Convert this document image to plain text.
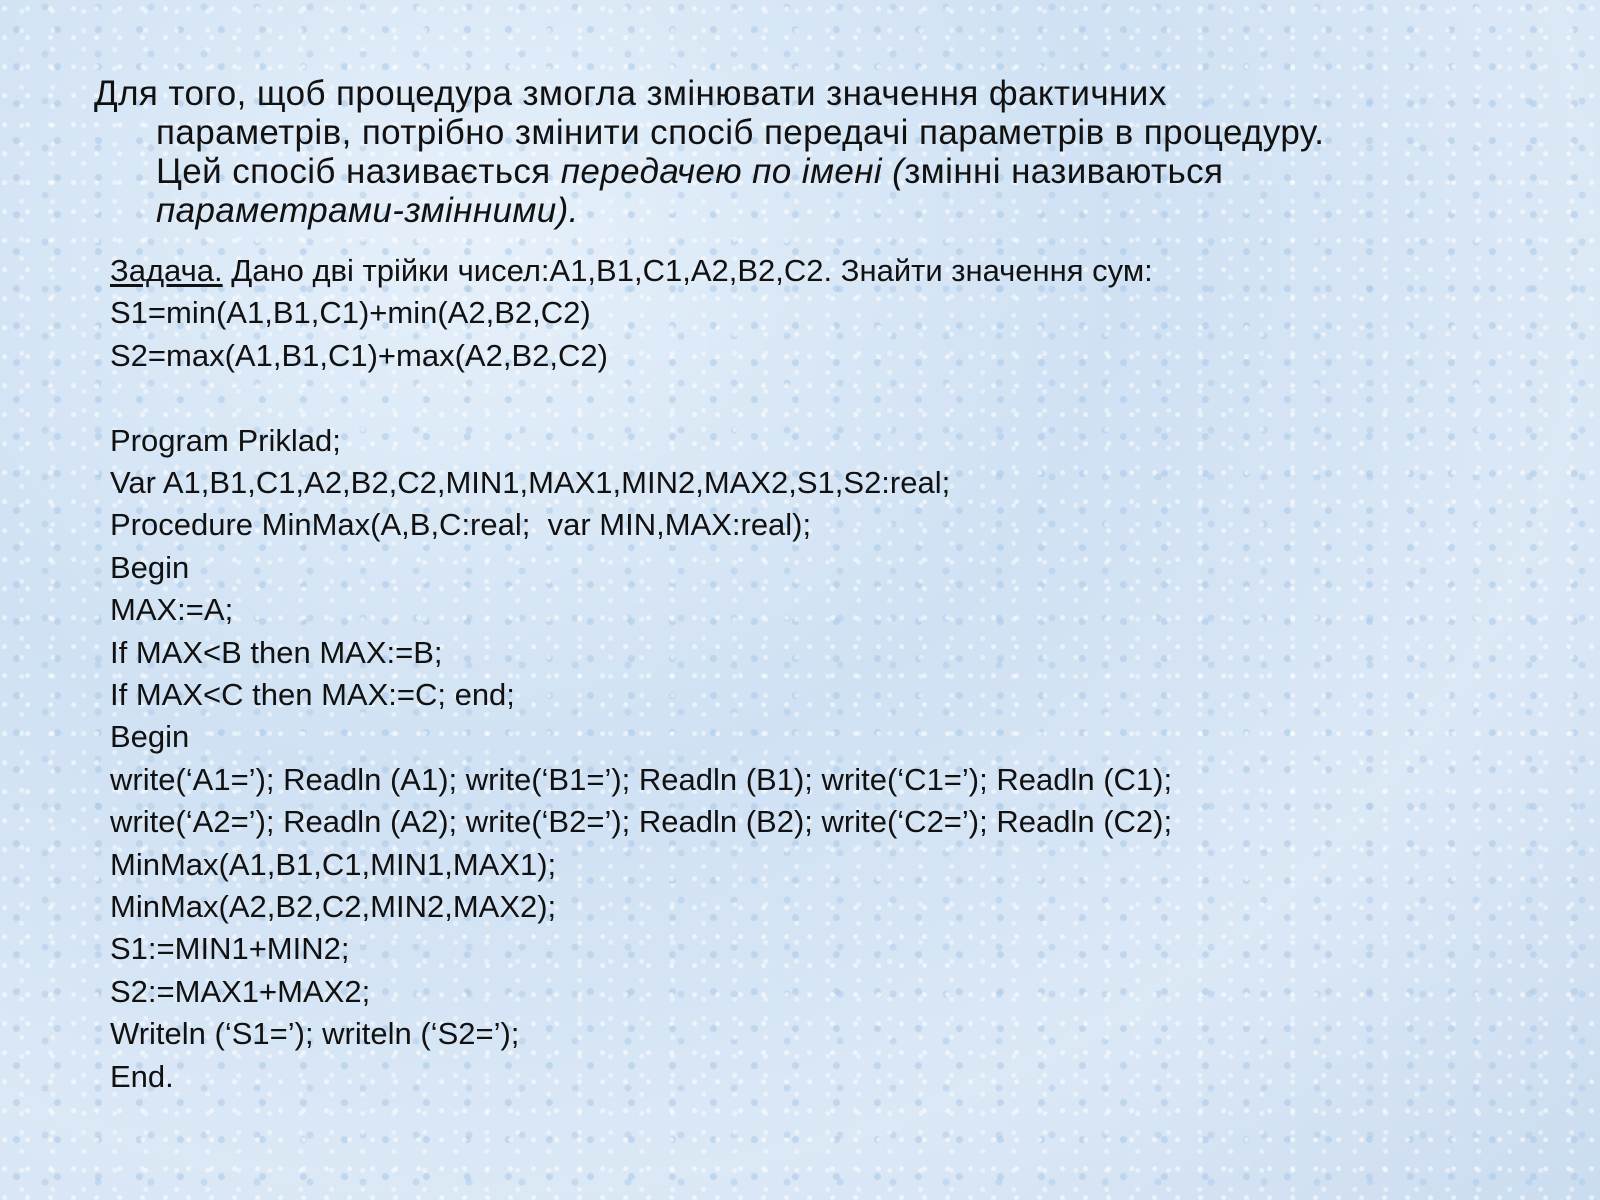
Для того, щоб процедура змогла змінювати значення фактичних
параметрів, потрібно змінити спосіб передачі параметрів в процедуру.
Цей спосіб називається передачею по імені (змінні називаються
параметрами-змінними).

Задача. Дано дві трійки чисел:A1,B1,C1,A2,B2,C2. Знайти значення сум:
S1=min(A1,B1,C1)+min(A2,B2,C2)
S2=max(A1,B1,C1)+max(A2,B2,C2)
Program Priklad;
Var A1,B1,C1,A2,B2,C2,MIN1,MAX1,MIN2,MAX2,S1,S2:real;
Procedure MinMax(A,B,C:real;  var MIN,MAX:real);
Begin
MAX:=A;
If MAX<B then MAX:=B;
If MAX<C then MAX:=C; end;
Begin
write(‘A1=’); Readln (A1); write(‘B1=’); Readln (B1); write(‘C1=’); Readln (C1);
write(‘A2=’); Readln (A2); write(‘B2=’); Readln (B2); write(‘C2=’); Readln (C2);
MinMax(A1,B1,C1,MIN1,MAX1);
MinMax(A2,B2,C2,MIN2,MAX2);
S1:=MIN1+MIN2;
S2:=MAX1+MAX2;
Writeln (‘S1=’); writeln (‘S2=’);
End.
